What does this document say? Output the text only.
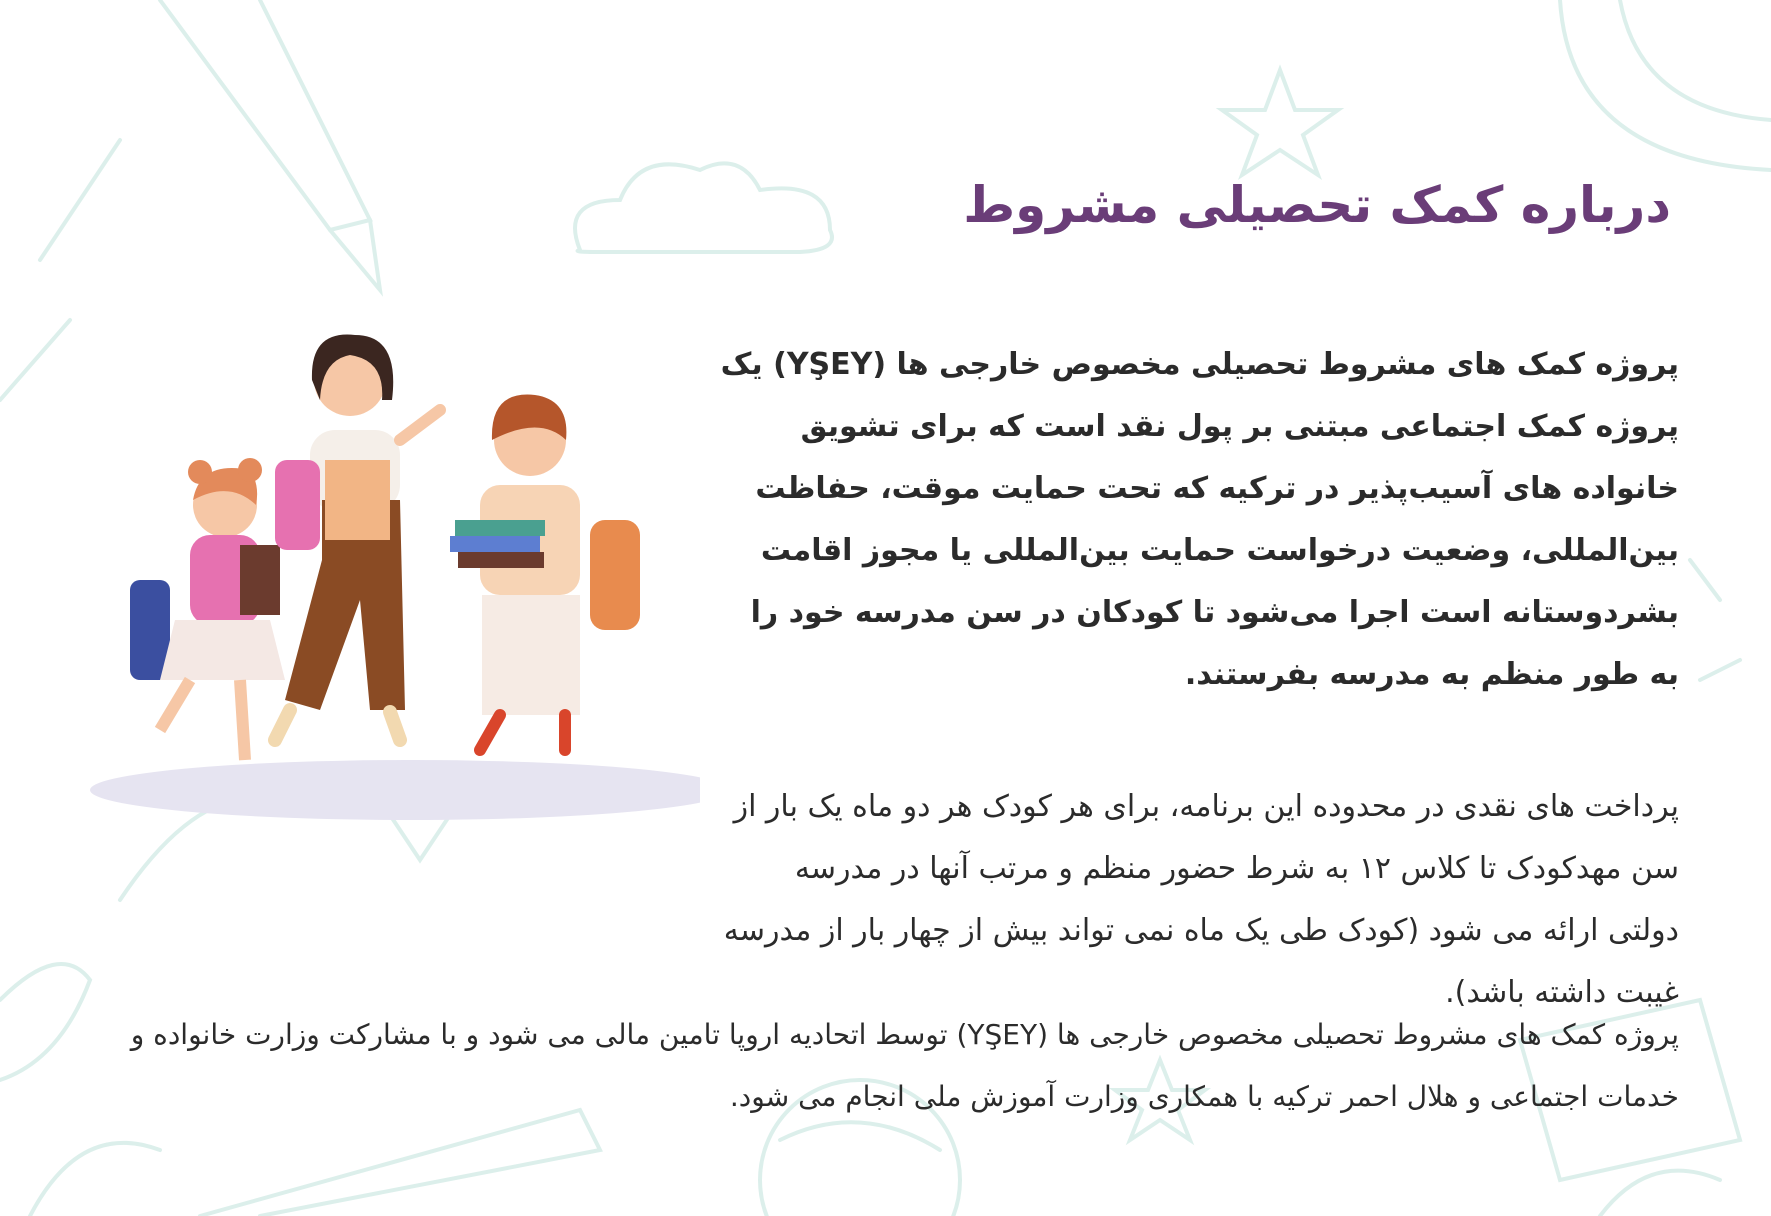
درباره کمک تحصیلی مشروط

پروژه کمک های مشروط تحصیلی مخصوص خارجی ها (YŞEY) یک پروژه کمک اجتماعی مبتنی بر پول نقد است که برای تشویق خانواده های آسیب‌پذیر در ترکیه که تحت حمایت موقت، حفاظت بین‌المللی، وضعیت درخواست حمایت بین‌المللی یا مجوز اقامت بشردوستانه است اجرا می‌شود تا کودکان در سن مدرسه خود را به طور منظم به مدرسه بفرستند.

پرداخت های نقدی در محدوده این برنامه، برای هر کودک هر دو ماه یک بار از سن مهدکودک تا کلاس ۱۲ به شرط حضور منظم و مرتب آنها در مدرسه دولتی ارائه می شود (کودک طی یک ماه نمی تواند بیش از چهار بار از مدرسه غیبت داشته باشد).

پروژه کمک های مشروط تحصیلی مخصوص خارجی ها (YŞEY) توسط اتحادیه اروپا تامین مالی می شود و با مشارکت وزارت خانواده و خدمات اجتماعی و هلال احمر ترکیه با همکاری وزارت آموزش ملی انجام می شود.
